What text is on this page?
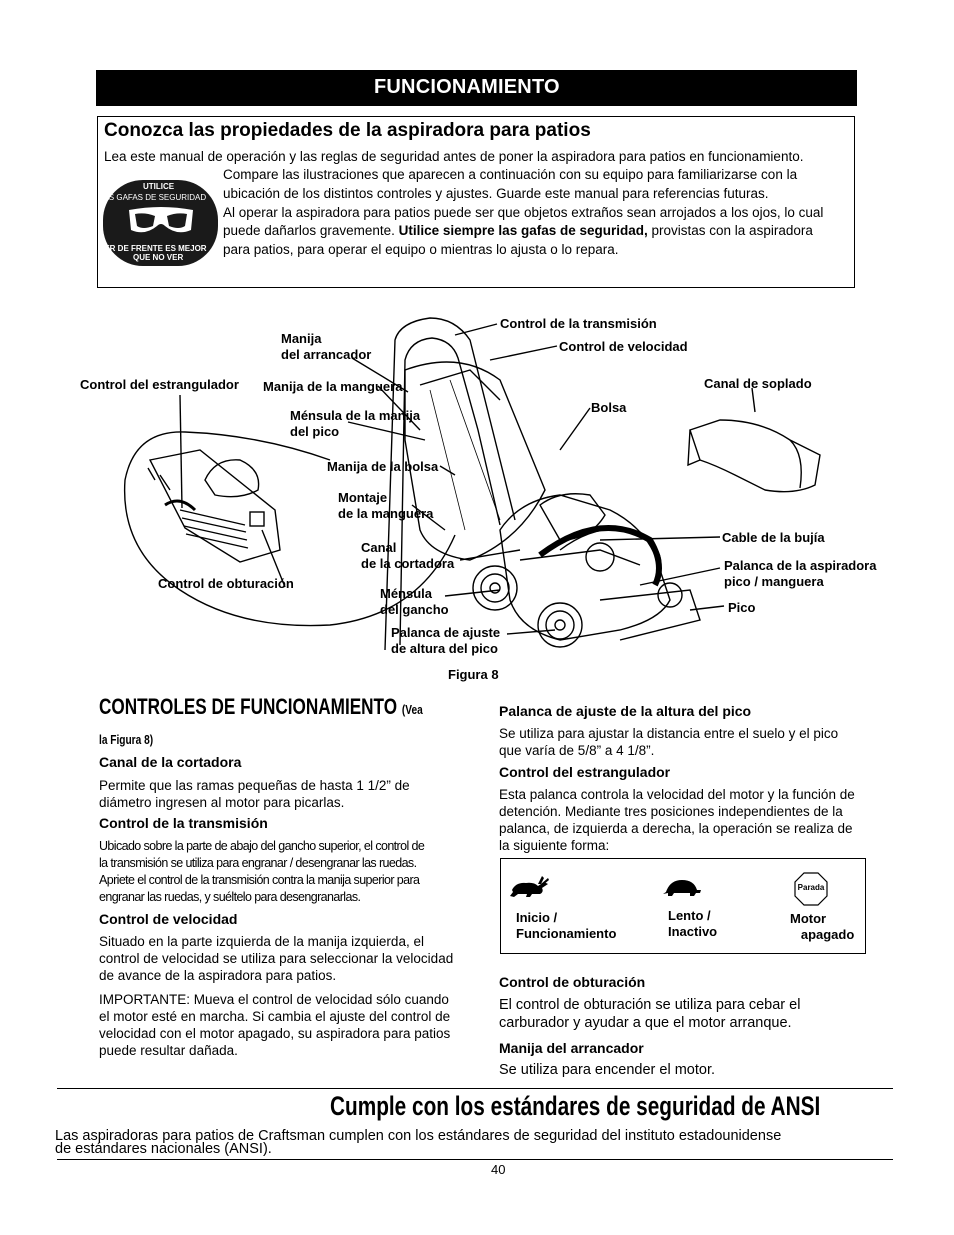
FUNCIONAMIENTO
Conozca las propiedades de la aspiradora para patios
Lea este manual de operación y las reglas de seguridad antes de poner la aspiradora para patios en funcionamiento.
Compare las ilustraciones que aparecen a continuación con su equipo para familiarizarse con la
ubicación de los distintos controles y ajustes. Guarde este manual para referencias futuras.
Al operar la aspiradora para patios puede ser que objetos extraños sean arrojados a los ojos, lo cual
puede dañarlos gravemente. Utilice siempre las gafas de seguridad, provistas con la aspiradora
para patios, para operar el equipo o mientras lo ajusta o lo repara.
UTILICE
LAS GAFAS DE SEGURIDAD
VER DE FRENTE ES MEJOR
QUE NO VER
Control de la transmisión
Manija
del arrancador
Control de velocidad
Control del estrangulador Manija de la manguera	Canal de soplado
Bolsa
Ménsula de la manija
del pico
Manija de la bolsa
Montaje
de la manguera
Cable de la bujía
Canal
de la cortadora	Palanca de la aspiradora
pico / manguera
Control de obturación
Ménsula
del gancho	Pico
Palanca de ajuste
de altura del pico
Figura 8
CONTROLES DE FUNCIONAMIENTO (Vea
la Figura 8)
Canal de la cortadora
Permite que las ramas pequeñas de hasta 1 1/2” de
diámetro ingresen al motor para picarlas.
Control de la transmisión
Ubicado sobre la parte de abajo del gancho superior, el control de
la transmisión se utiliza para engranar / desengranar las ruedas.
Apriete el control de la transmisión contra la manija superior para
engranar las ruedas, y suéltelo para desengranarlas.
Control de velocidad
Situado en la parte izquierda de la manija izquierda, el
control de velocidad se utiliza para seleccionar la velocidad
de avance de la aspiradora para patios.
IMPORTANTE: Mueva el control de velocidad sólo cuando
el motor esté en marcha. Si cambia el ajuste del control de
velocidad con el motor apagado, su aspiradora para patios
puede resultar dañada.
Palanca de ajuste de la altura del pico
Se utiliza para ajustar la distancia entre el suelo y el pico
que varía de 5/8” a 4 1/8”.
Control del estrangulador
Esta palanca controla la velocidad del motor y la función de
detención. Mediante tres posiciones independientes de la
palanca, de izquierda a derecha, la operación se realiza de
la siguiente forma:
Parada
Inicio /
Funcionamiento
Lento /
Inactivo
Motor
apagado
Control de obturación
El control de obturación se utiliza para cebar el
carburador y ayudar a que el motor arranque.
Manija del arrancador
Se utiliza para encender el motor.
Cumple con los estándares de seguridad de ANSI
Las aspiradoras para patios de Craftsman cumplen con los estándares de seguridad del instituto estadounidense
de estándares nacionales (ANSI).
40
